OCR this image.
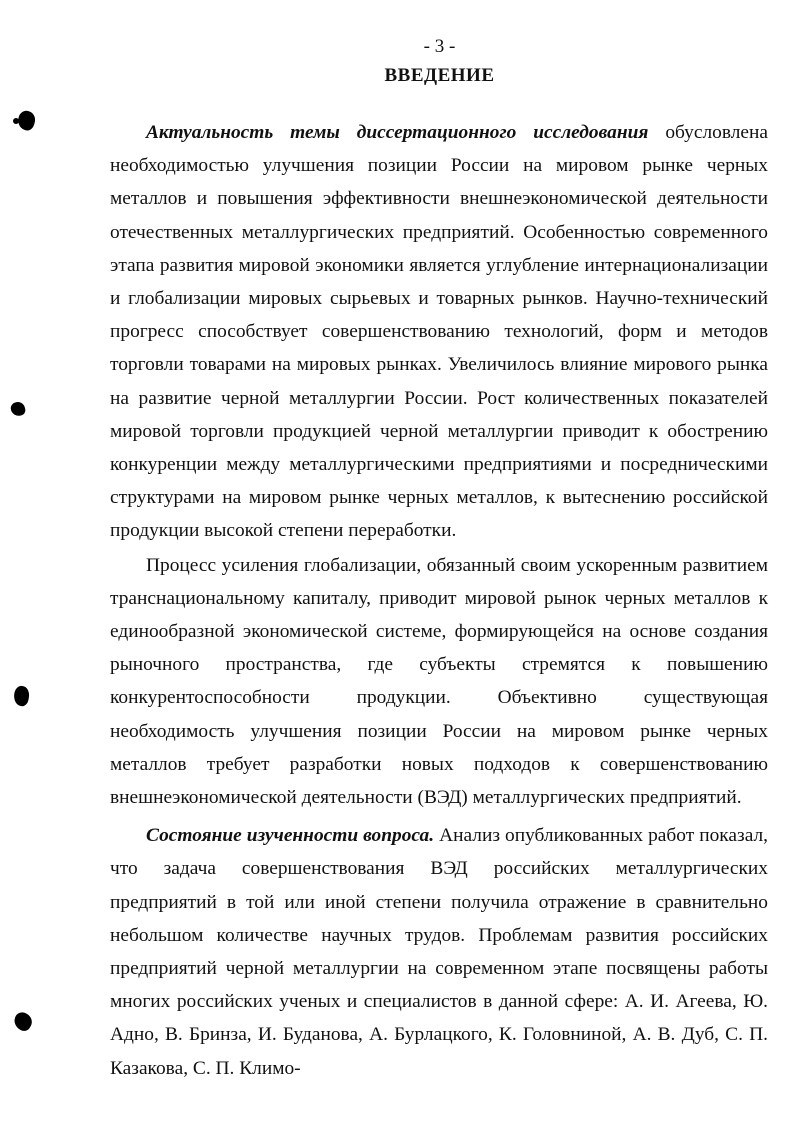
- 3 -
ВВЕДЕНИЕ

Актуальность темы диссертационного исследования обусловлена необходимостью улучшения позиции России на мировом рынке черных металлов и повышения эффективности внешнеэкономической деятельности отечественных металлургических предприятий. Особенностью современного этапа развития мировой экономики является углубление интернационализации и глобализации мировых сырьевых и товарных рынков. Научно-технический прогресс способствует совершенствованию технологий, форм и методов торговли товарами на мировых рынках. Увеличилось влияние мирового рынка на развитие черной металлургии России. Рост количественных показателей мировой торговли продукцией черной металлургии приводит к обострению конкуренции между металлургическими предприятиями и посредническими структурами на мировом рынке черных металлов, к вытеснению российской продукции высокой степени переработки.

Процесс усиления глобализации, обязанный своим ускоренным развитием транснациональному капиталу, приводит мировой рынок черных металлов к единообразной экономической системе, формирующейся на основе создания рыночного пространства, где субъекты стремятся к повышению конкурентоспособности продукции. Объективно существующая необходимость улучшения позиции России на мировом рынке черных металлов требует разработки новых подходов к совершенствованию внешнеэкономической деятельности (ВЭД) металлургических предприятий.

Состояние изученности вопроса. Анализ опубликованных работ показал, что задача совершенствования ВЭД российских металлургических предприятий в той или иной степени получила отражение в сравнительно небольшом количестве научных трудов. Проблемам развития российских предприятий черной металлургии на современном этапе посвящены работы многих российских ученых и специалистов в данной сфере: А. И. Агеева, Ю. Адно, В. Бринза, И. Буданова, А. Бурлацкого, К. Головниной, А. В. Дуб, С. П. Казакова, С. П. Климо-
